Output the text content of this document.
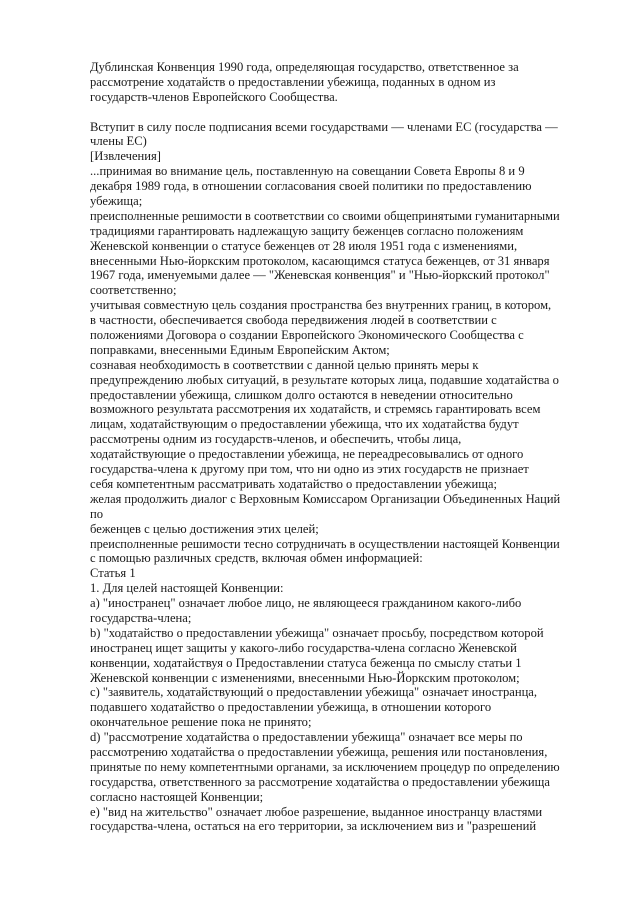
Дублинская Конвенция 1990 года, определяющая государство, ответственное за
рассмотрение ходатайств о предоставлении убежища, поданных в одном из
государств-членов Европейского Сообщества.
Вступит в силу после подписания всеми государствами — членами ЕС (государства —
члены ЕС)
[Извлечения]
...принимая во внимание цель, поставленную на совещании Совета Европы 8 и 9
декабря 1989 года, в отношении согласования своей политики по предоставлению
убежища;
преисполненные решимости в соответствии со своими общепринятыми гуманитарными
традициями гарантировать надлежащую защиту беженцев согласно положениям
Женевской конвенции о статусе беженцев от 28 июля 1951 года с изменениями,
внесенными Нью-йоркским протоколом, касающимся статуса беженцев, от 31 января
1967 года, именуемыми далее — "Женевская конвенция" и "Нью-йоркский протокол"
соответственно;
учитывая совместную цель создания пространства без внутренних границ, в котором,
в частности, обеспечивается свобода передвижения людей в соответствии с
положениями Договора о создании Европейского Экономического Сообщества с
поправками, внесенными Единым Европейским Актом;
сознавая необходимость в соответствии с данной целью принять меры к
предупреждению любых ситуаций, в результате которых лица, подавшие ходатайства о
предоставлении убежища, слишком долго остаются в неведении относительно
возможного результата рассмотрения их ходатайств, и стремясь гарантировать всем
лицам, ходатайствующим о предоставлении убежища, что их ходатайства будут
рассмотрены одним из государств-членов, и обеспечить, чтобы лица,
ходатайствующие о предоставлении убежища, не переадресовывались от одного
государства-члена к другому при том, что ни одно из этих государств не признает
себя компетентным рассматривать ходатайство о предоставлении убежища;
желая продолжить диалог с Верховным Комиссаром Организации Объединенных Наций
по
беженцев с целью достижения этих целей;
преисполненные решимости тесно сотрудничать в осуществлении настоящей Конвенции
с помощью различных средств, включая обмен информацией:
Статья 1
1. Для целей настоящей Конвенции:
a) "иностранец" означает любое лицо, не являющееся гражданином какого-либо
государства-члена;
b) "ходатайство о предоставлении убежища" означает просьбу, посредством которой
иностранец ищет защиты у какого-либо государства-члена согласно Женевской
конвенции, ходатайствуя о Предоставлении статуса беженца по смыслу статьи 1
Женевской конвенции с изменениями, внесенными Нью-Йоркским протоколом;
c) "заявитель, ходатайствующий о предоставлении убежища" означает иностранца,
подавшего ходатайство о предоставлении убежища, в отношении которого
окончательное решение пока не принято;
d) "рассмотрение ходатайства о предоставлении убежища" означает все меры по
рассмотрению ходатайства о предоставлении убежища, решения или постановления,
принятые по нему компетентными органами, за исключением процедур по определению
государства, ответственного за рассмотрение ходатайства о предоставлении убежища
согласно настоящей Конвенции;
e) "вид на жительство" означает любое разрешение, выданное иностранцу властями
государства-члена, остаться на его территории, за исключением виз и "разрешений
